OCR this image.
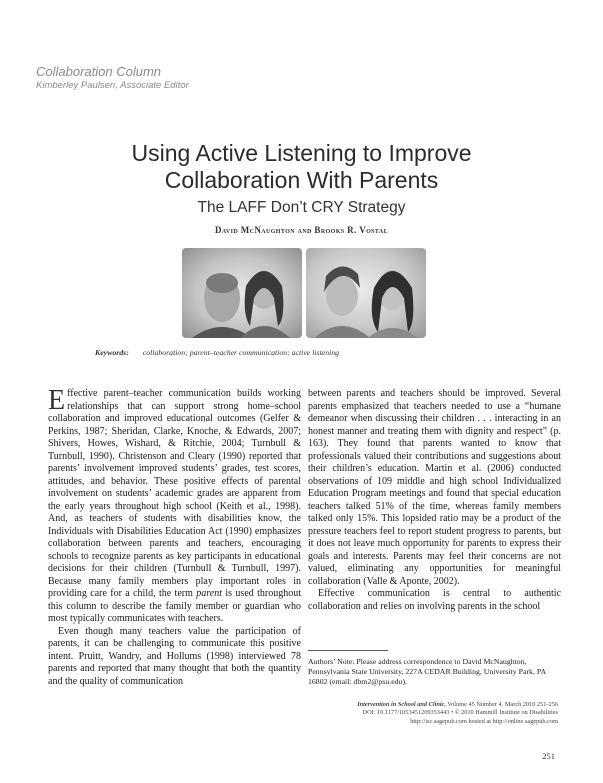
Collaboration Column
Kimberley Paulsen, Associate Editor
Using Active Listening to Improve
Collaboration With Parents
The LAFF Don’t CRY Strategy
David McNaughton and Brooks R. Vostal
Keywords: collaboration; parent–teacher communication; active listening

Effective parent–teacher communication builds working relationships that can support strong home–school collaboration and improved educational outcomes (Gelfer & Perkins, 1987; Sheridan, Clarke, Knoche, & Edwards, 2007; Shivers, Howes, Wishard, & Ritchie, 2004; Turnbull & Turnbull, 1990). Christenson and Cleary (1990) reported that parents’ involvement improved students’ grades, test scores, attitudes, and behavior. These positive effects of parental involvement on students’ academic grades are apparent from the early years throughout high school (Keith et al., 1998). And, as teachers of students with disabilities know, the Individuals with Disabilities Education Act (1990) emphasizes collaboration between parents and teachers, encouraging schools to recognize parents as key participants in educational decisions for their children (Turnbull & Turnbull, 1997). Because many family members play important roles in providing care for a child, the term parent is used throughout this column to describe the family member or guardian who most typically communicates with teachers.

Even though many teachers value the participation of parents, it can be challenging to communicate this positive intent. Pruitt, Wandry, and Hollums (1998) interviewed 78 parents and reported that many thought that both the quantity and the quality of communication

between parents and teachers should be improved. Several parents emphasized that teachers needed to use a “humane demeanor when discussing their children . . . interacting in an honest manner and treating them with dignity and respect” (p. 163). They found that parents wanted to know that professionals valued their contributions and suggestions about their children’s education. Martin et al. (2006) conducted observations of 109 middle and high school Individualized Education Program meetings and found that special education teachers talked 51% of the time, whereas family members talked only 15%. This lopsided ratio may be a product of the pressure teachers feel to report student progress to parents, but it does not leave much opportunity for parents to express their goals and interests. Parents may feel their concerns are not valued, eliminating any opportunities for meaningful collaboration (Valle & Aponte, 2002).

Effective communication is central to authentic collaboration and relies on involving parents in the school

Authors’ Note: Please address correspondence to David McNaughton, Pennsylvania State University, 227A CEDAR Building, University Park, PA 16802 (email: dbm2@psu.edu).

Intervention in School and Clinic, Volume 45 Number 4, March 2010 251-256
DOI: 10.1177/1053451209353443 • © 2010 Hammill Institute on Disabilities
http://isc.sagepub.com hosted at http://online.sagepub.com
251
